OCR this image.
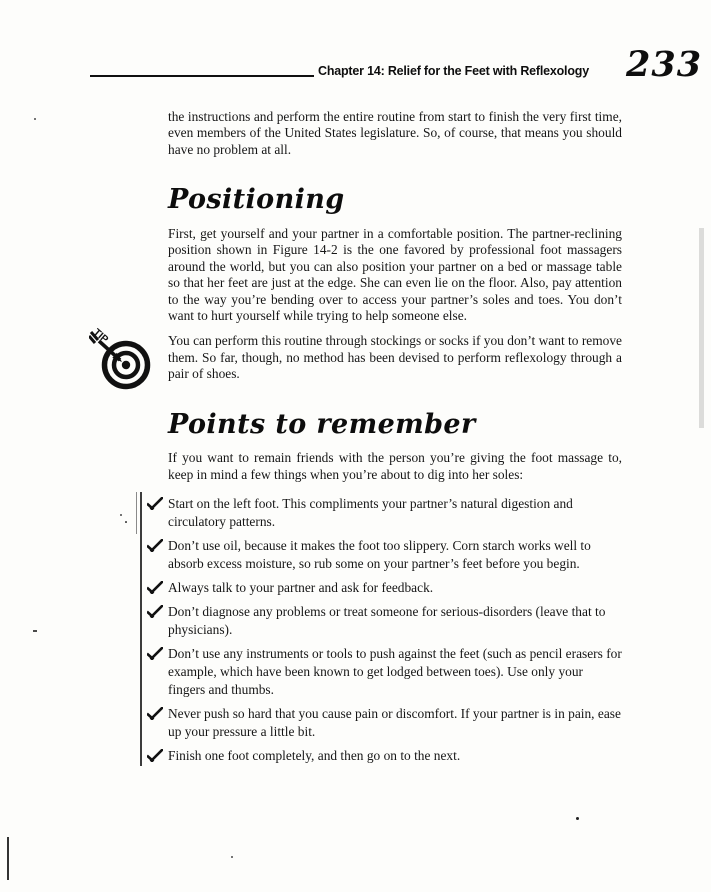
Chapter 14: Relief for the Feet with Reflexology 233

the instructions and perform the entire routine from start to finish the very first time, even members of the United States legislature. So, of course, that means you should have no problem at all.

Positioning

First, get yourself and your partner in a comfortable position. The partner-reclining position shown in Figure 14-2 is the one favored by professional foot massagers around the world, but you can also position your partner on a bed or massage table so that her feet are just at the edge. She can even lie on the floor. Also, pay attention to the way you’re bending over to access your partner’s soles and toes. You don’t want to hurt yourself while trying to help someone else.

TIP	You can perform this routine through stockings or socks if you don’t want to remove them. So far, though, no method has been devised to perform reflexology through a pair of shoes.

Points to remember

If you want to remain friends with the person you’re giving the foot massage to, keep in mind a few things when you’re about to dig into her soles:

Start on the left foot. This compliments your partner’s natural digestion and circulatory patterns.
Don’t use oil, because it makes the foot too slippery. Corn starch works well to absorb excess moisture, so rub some on your partner’s feet before you begin.
Always talk to your partner and ask for feedback.
Don’t diagnose any problems or treat someone for serious-disorders (leave that to physicians).
Don’t use any instruments or tools to push against the feet (such as pencil erasers for example, which have been known to get lodged between toes). Use only your fingers and thumbs.
Never push so hard that you cause pain or discomfort. If your partner is in pain, ease up your pressure a little bit.
Finish one foot completely, and then go on to the next.
